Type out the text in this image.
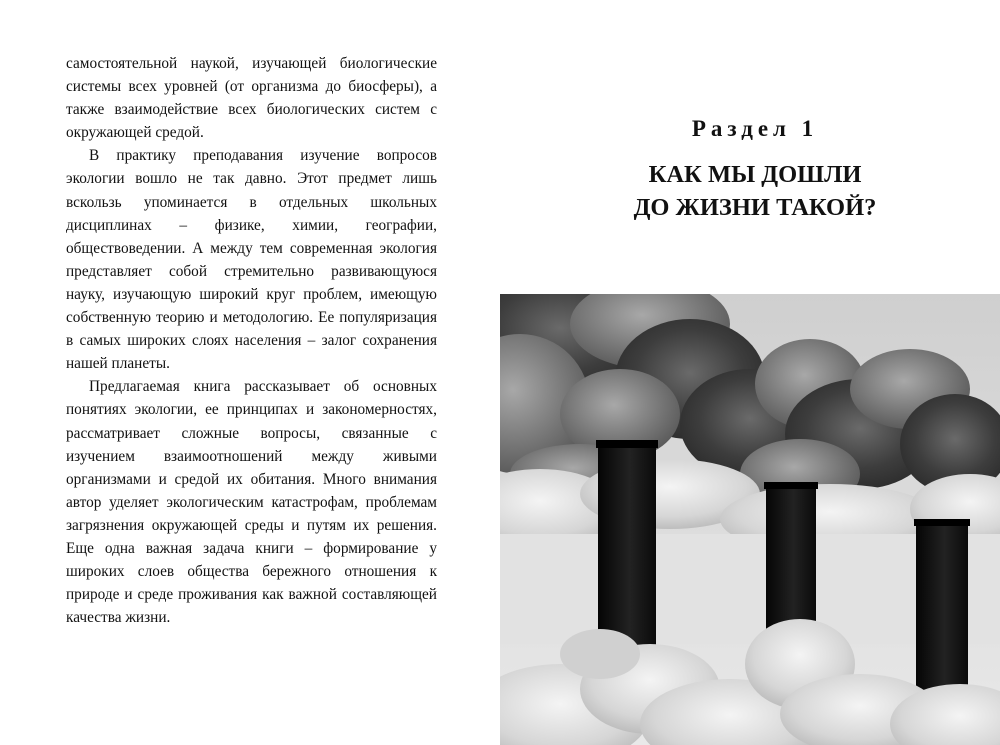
самостоятельной наукой, изучающей биологические системы всех уровней (от организма до биосферы), а также взаимодействие всех биологических систем с окружающей средой.

В практику преподавания изучение вопросов экологии вошло не так давно. Этот предмет лишь вскользь упоминается в отдельных школьных дисциплинах – физике, химии, географии, обществоведении. А между тем современная экология представляет собой стремительно развивающуюся науку, изучающую широкий круг проблем, имеющую собственную теорию и методологию. Ее популяризация в самых широких слоях населения – залог сохранения нашей планеты.

Предлагаемая книга рассказывает об основных понятиях экологии, ее принципах и закономерностях, рассматривает сложные вопросы, связанные с изучением взаимоотношений между живыми организмами и средой их обитания. Много внимания автор уделяет экологическим катастрофам, проблемам загрязнения окружающей среды и путям их решения. Еще одна важная задача книги – формирование у широких слоев общества бережного отношения к природе и среде проживания как важной составляющей качества жизни.

Раздел 1
КАК МЫ ДОШЛИ
ДО ЖИЗНИ ТАКОЙ?
